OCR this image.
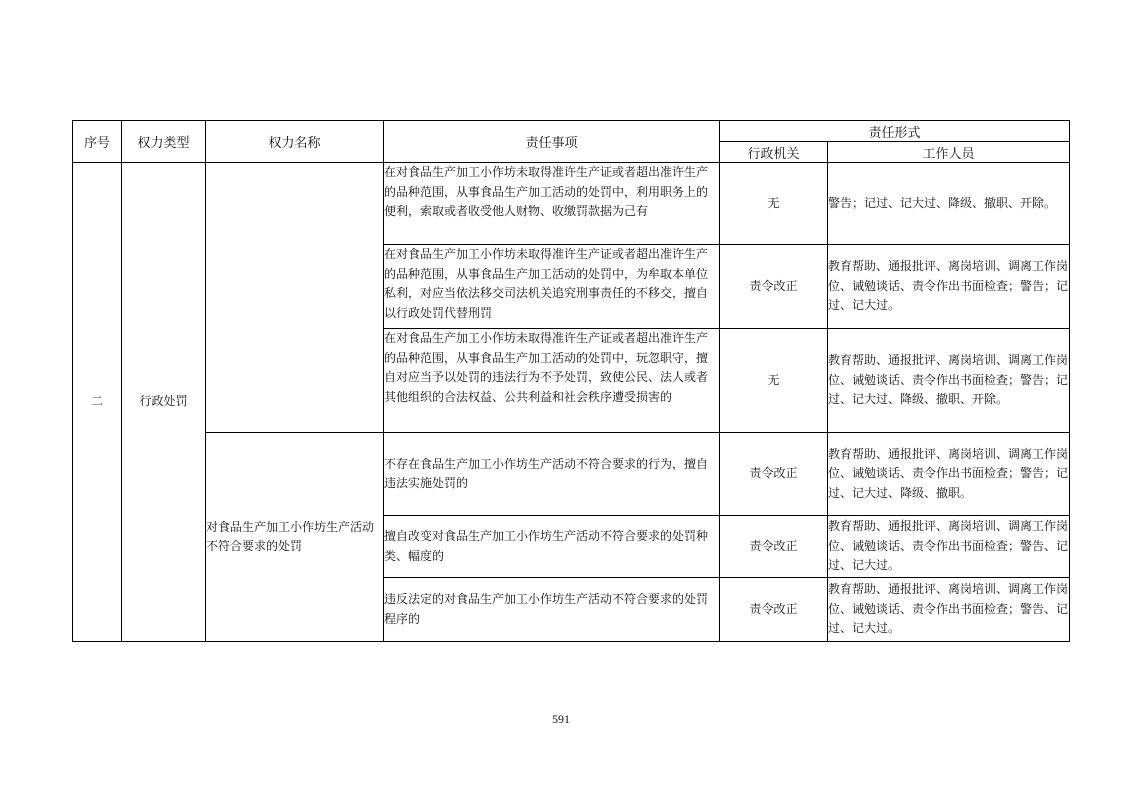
序号	权力类型	权力名称	责任事项	责任形式	
				行政机关	工作人员
二	行政处罚		在对食品生产加工小作坊未取得准许生产证或者超出准许生产的品种范围，从事食品生产加工活动的处罚中，利用职务上的便利，索取或者收受他人财物、收缴罚款据为己有	无	警告；记过、记大过、降级、撤职、开除。
			在对食品生产加工小作坊未取得准许生产证或者超出准许生产的品种范围，从事食品生产加工活动的处罚中，为牟取本单位私利，对应当依法移交司法机关追究刑事责任的不移交，擅自以行政处罚代替刑罚	责令改正	教育帮助、通报批评、离岗培训、调离工作岗位、诫勉谈话、责令作出书面检查；警告；记过、记大过。
			在对食品生产加工小作坊未取得准许生产证或者超出准许生产的品种范围，从事食品生产加工活动的处罚中，玩忽职守，擅自对应当予以处罚的违法行为不予处罚，致使公民、法人或者其他组织的合法权益、公共利益和社会秩序遭受损害的	无	教育帮助、通报批评、离岗培训、调离工作岗位、诫勉谈话、责令作出书面检查；警告；记过、记大过、降级、撤职、开除。
		对食品生产加工小作坊生产活动不符合要求的处罚	不存在食品生产加工小作坊生产活动不符合要求的行为，擅自违法实施处罚的	责令改正	教育帮助、通报批评、离岗培训、调离工作岗位、诫勉谈话、责令作出书面检查；警告；记过、记大过、降级、撤职。
			擅自改变对食品生产加工小作坊生产活动不符合要求的处罚种类、幅度的	责令改正	教育帮助、通报批评、离岗培训、调离工作岗位、诫勉谈话、责令作出书面检查；警告、记过、记大过。
			违反法定的对食品生产加工小作坊生产活动不符合要求的处罚程序的	责令改正	教育帮助、通报批评、离岗培训、调离工作岗位、诫勉谈话、责令作出书面检查；警告、记过、记大过。
591
